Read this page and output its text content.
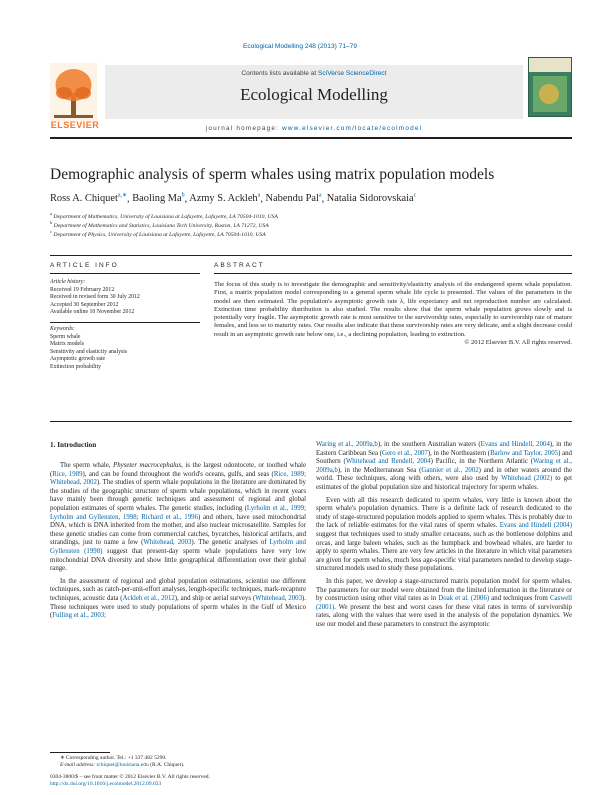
Ecological Modelling 248 (2013) 71–79
ELSEVIER
Contents lists available at SciVerse ScienceDirect
Ecological Modelling
journal homepage: www.elsevier.com/locate/ecolmodel
Demographic analysis of sperm whales using matrix population models
Ross A. Chiquet$^{a,∗}$, Baoling Ma$^b$, Azmy S. Ackleh$^a$, Nabendu Pal$^a$, Natalia Sidorovskaia$^c$
$^a$ Department of Mathematics, University of Louisiana at Lafayette, Lafayette, LA 70504-1010, USA
$^b$ Department of Mathematics and Statistics, Louisiana Tech University, Ruston, LA 71272, USA
$^c$ Department of Physics, University of Louisiana at Lafayette, Lafayette, LA 70504-1010, USA
ARTICLE INFO	ABSTRACT
Article history:
Received 19 February 2012
Received in revised form 30 July 2012
Accepted 30 September 2012
Available online 10 November 2012
Keywords:
Sperm whale
Matrix models
Sensitivity and elasticity analysis
Asymptotic growth rate
Extinction probability
The focus of this study is to investigate the demographic and sensitivity/elasticity analysis of the endangered sperm whale population. First, a matrix population model corresponding to a general sperm whale life cycle is presented. The values of the parameters in the model are then estimated. The population's asymptotic growth rate λ, life expectancy and net reproduction number are calculated. Extinction time probability distribution is also studied. The results show that the sperm whale population grows slowly and is potentially very fragile. The asymptotic growth rate is most sensitive to the survivorship rates, especially to survivorship rate of mature females, and less so to maturity rates. Our results also indicate that these survivorship rates are very delicate, and a slight decrease could result in an asymptotic growth rate below one, i.e., a declining population, leading to extinction.
© 2012 Elsevier B.V. All rights reserved.
1. Introduction

The sperm whale, Physeter macrocephalus, is the largest odontocete, or toothed whale (Rice, 1989), and can be found throughout the world's oceans, gulfs, and seas (Rice, 1989; Whitehead, 2002). The studies of sperm whale populations in the literature are dominated by the studies of the geographic structure of sperm whale populations, which in recent years have mainly been through genetic techniques and assessment of regional and global population estimates of sperm whales. The genetic studies, including (Lyrholm et al., 1999; Lyrholm and Gyllensten, 1998; Richard et al., 1996) and others, have used mitochondrial DNA, which is DNA inherited from the mother, and also nuclear microsatellite. Samples for these genetic studies can come from commercial catches, bycatches, historical artifacts, and strandings, just to name a few (Whitehead, 2003). The genetic analyses of Lyrholm and Gyllensten (1998) suggest that present-day sperm whale populations have very low mitochondrial DNA diversity and show little geographical differentiation over their global range.

In the assessment of regional and global population estimations, scientist use different techniques, such as catch-per-unit-effort analyses, length-specific techniques, mark-recapture techniques, acoustic data (Ackleh et al., 2012), and ship or aerial surveys (Whitehead, 2003). These techniques were used to study populations of sperm whales in the Gulf of Mexico (Fulling et al., 2003;

Waring et al., 2009a,b), in the southern Australian waters (Evans and Hindell, 2004), in the Eastern Caribbean Sea (Gero et al., 2007), in the Northeastern (Barlow and Taylor, 2005) and Southern (Whitehead and Rendell, 2004) Pacific, in the Northern Atlantic (Waring et al., 2009a,b), in the Mediterranean Sea (Gannier et al., 2002) and in other waters around the world. These techniques, along with others, were also used by Whitehead (2002) to get estimates of the global population size and historical trajectory for sperm whales.

Even with all this research dedicated to sperm whales, very little is known about the sperm whale's population dynamics. There is a definite lack of research dedicated to the study of stage-structured population models applied to sperm whales. This is probably due to the lack of reliable estimates for the vital rates of sperm whales. Evans and Hindell (2004) suggest that techniques used to study smaller cetaceans, such as the bottlenose dolphins and orcas, and large baleen whales, such as the humpback and bowhead whales, are harder to apply to sperm whales. There are very few articles in the literature in which vital parameters are given for sperm whales, much less age-specific vital parameters needed to develop stage-structured models used to study these populations.

In this paper, we develop a stage-structured matrix population model for sperm whales. The parameters for our model were obtained from the limited information in the literature or by construction using other vital rates as in Doak et al. (2006) and techniques from Caswell (2001). We present the best and worst cases for these vital rates in terms of survivorship rates, along with the values that were used in the analysis of the population dynamics. We use our model and these parameters to construct the asymptotic

∗ Corresponding author. Tel.: +1 337 482 5290.
E-mail address: rchiquet@louisiana.edu (R.A. Chiquet).
0304-3800/$ – see front matter © 2012 Elsevier B.V. All rights reserved.
http://dx.doi.org/10.1016/j.ecolmodel.2012.09.023
